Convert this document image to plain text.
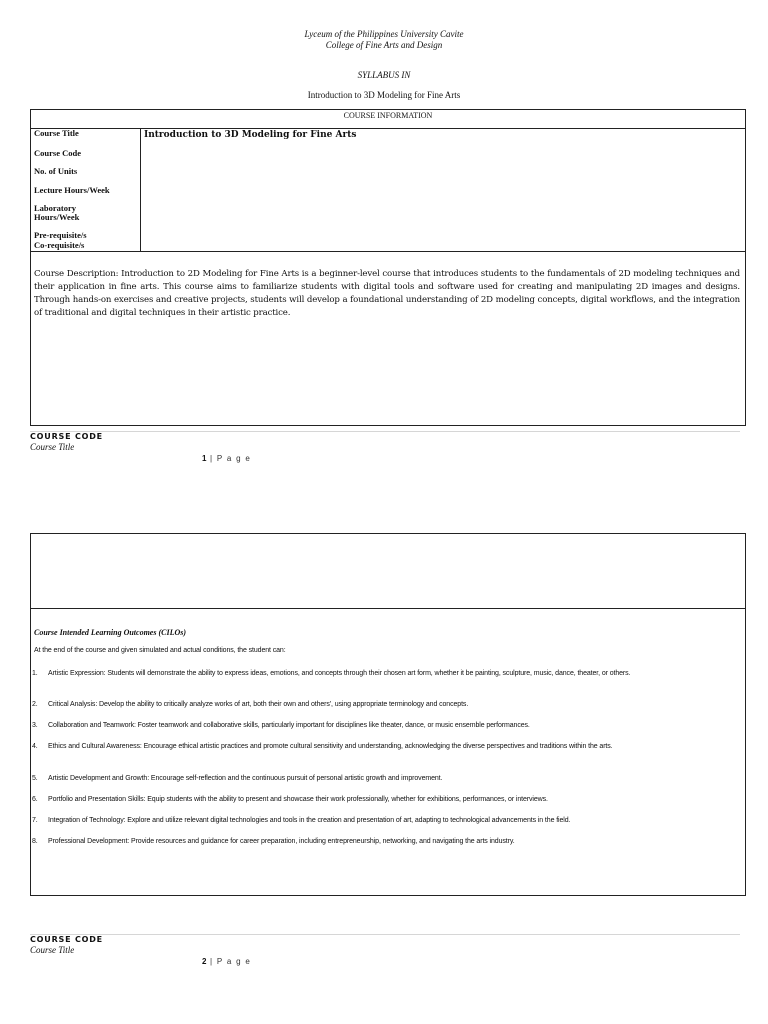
Lyceum of the Philippines University Cavite
College of Fine Arts and Design
SYLLABUS IN
Introduction to 3D Modeling for Fine Arts
COURSE INFORMATION
Course Title
Course Code
No. of Units
Lecture Hours/Week
Laboratory
Hours/Week
Pre-requisite/s
Co-requisite/s
Introduction to 3D Modeling for Fine Arts
Course Description: Introduction to 2D Modeling for Fine Arts is a beginner-level course that introduces students to the fundamentals of 2D modeling techniques and their application in fine arts. This course aims to familiarize students with digital tools and software used for creating and manipulating 2D images and designs. Through hands-on exercises and creative projects, students will develop a foundational understanding of 2D modeling concepts, digital workflows, and the integration of traditional and digital techniques in their artistic practice.
COURSE CODE
Course Title
1 | P a g e
Course Intended Learning Outcomes (CILOs)
At the end of the course and given simulated and actual conditions, the student can:
1. Artistic Expression: Students will demonstrate the ability to express ideas, emotions, and concepts through their chosen art form, whether it be painting, sculpture, music, dance, theater, or others.
2. Critical Analysis: Develop the ability to critically analyze works of art, both their own and others', using appropriate terminology and concepts.
3. Collaboration and Teamwork: Foster teamwork and collaborative skills, particularly important for disciplines like theater, dance, or music ensemble performances.
4. Ethics and Cultural Awareness: Encourage ethical artistic practices and promote cultural sensitivity and understanding, acknowledging the diverse perspectives and traditions within the arts.
5. Artistic Development and Growth: Encourage self-reflection and the continuous pursuit of personal artistic growth and improvement.
6. Portfolio and Presentation Skills: Equip students with the ability to present and showcase their work professionally, whether for exhibitions, performances, or interviews.
7. Integration of Technology: Explore and utilize relevant digital technologies and tools in the creation and presentation of art, adapting to technological advancements in the field.
8. Professional Development: Provide resources and guidance for career preparation, including entrepreneurship, networking, and navigating the arts industry.
COURSE CODE
Course Title
2 | P a g e
